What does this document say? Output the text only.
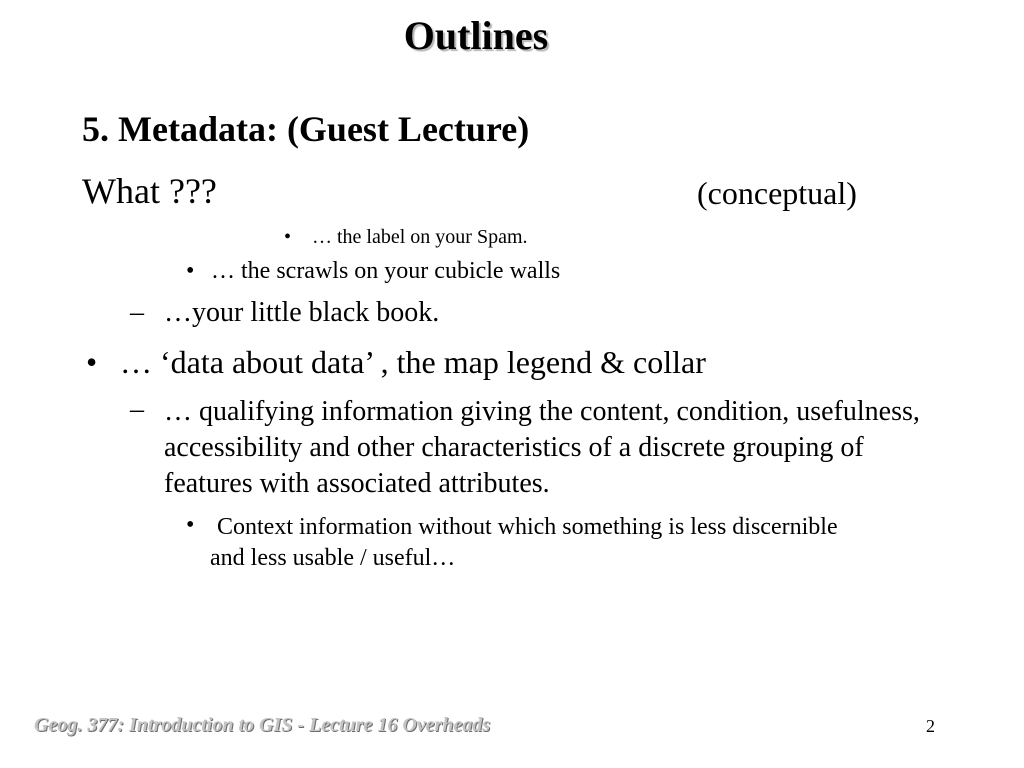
Outlines
5. Metadata: (Guest Lecture)
What ???	(conceptual)
• … the label on your Spam.
• … the scrawls on your cubicle walls
– …your little black book.
• … ‘data about data’ , the map legend & collar
– … qualifying information giving the content, condition, usefulness, accessibility and other characteristics of a discrete grouping of features with associated attributes.
• Context information without which something is less discernible and less usable / useful…
Geog. 377: Introduction to GIS - Lecture 16 Overheads	2
